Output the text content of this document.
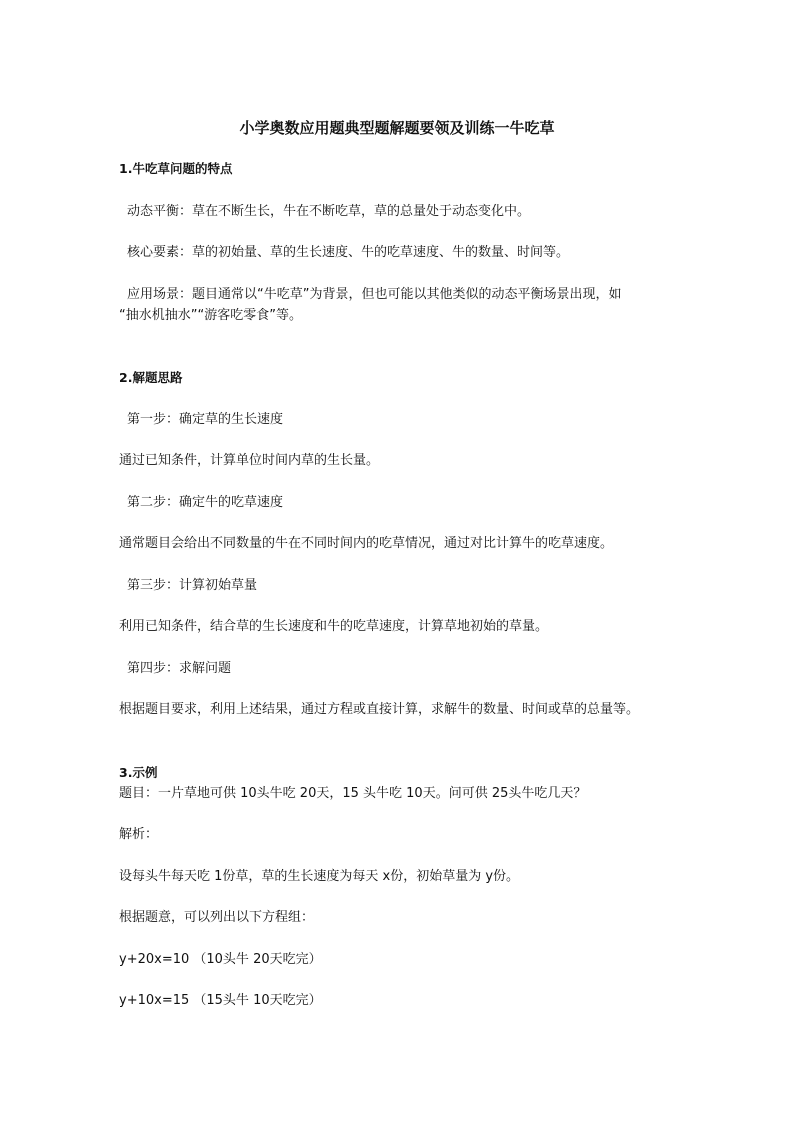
小学奥数应用题典型题解题要领及训练一牛吃草
1.牛吃草问题的特点
动态平衡：草在不断生长，牛在不断吃草，草的总量处于动态变化中。
核心要素：草的初始量、草的生长速度、牛的吃草速度、牛的数量、时间等。
应用场景：题目通常以“牛吃草”为背景，但也可能以其他类似的动态平衡场景出现，如
“抽水机抽水”“游客吃零食”等。
2.解题思路
第一步：确定草的生长速度
通过已知条件，计算单位时间内草的生长量。
第二步：确定牛的吃草速度
通常题目会给出不同数量的牛在不同时间内的吃草情况，通过对比计算牛的吃草速度。
第三步：计算初始草量
利用已知条件，结合草的生长速度和牛的吃草速度，计算草地初始的草量。
第四步：求解问题
根据题目要求，利用上述结果，通过方程或直接计算，求解牛的数量、时间或草的总量等。
3.示例
题目：一片草地可供 10头牛吃 20天，15 头牛吃 10天。问可供 25头牛吃几天？
解析：
设每头牛每天吃 1份草，草的生长速度为每天 x份，初始草量为 y份。
根据题意，可以列出以下方程组：
y+20x=10 （10头牛 20天吃完）
y+10x=15 （15头牛 10天吃完）
